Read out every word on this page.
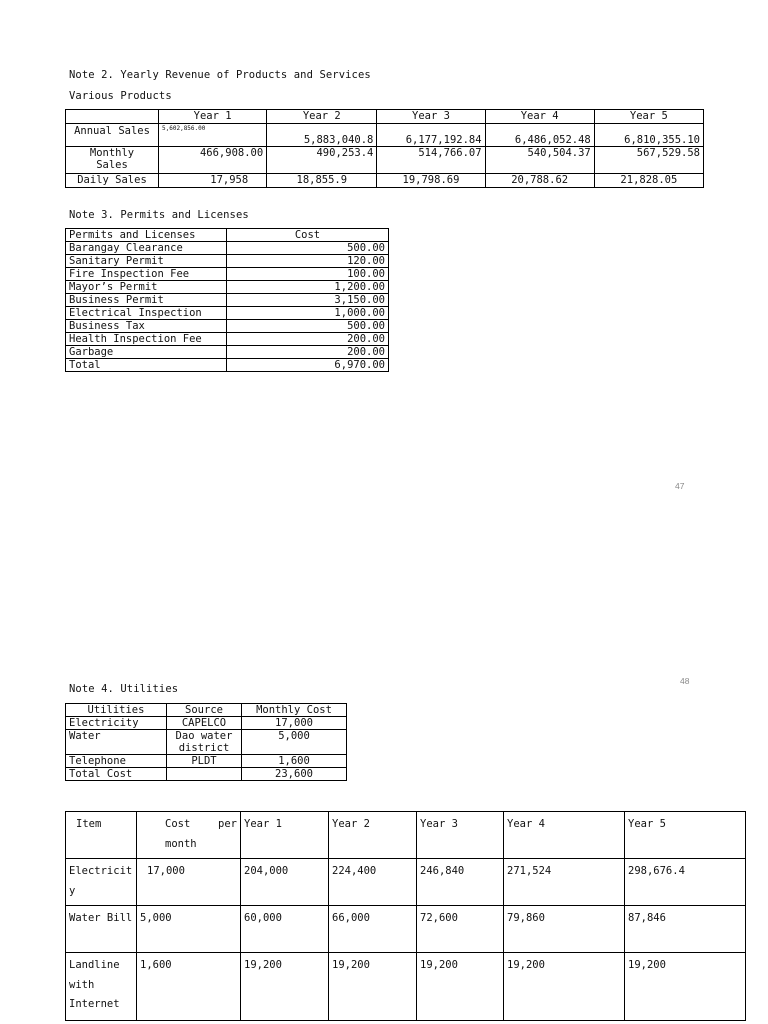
Note 2. Yearly Revenue of Products and Services
Various Products
	Year 1	Year 2	Year 3	Year 4	Year 5
Annual Sales	5,602,856.00	5,883,040.8	6,177,192.84	6,486,052.48	6,810,355.10
Monthly Sales	466,908.00	490,253.4	514,766.07	540,504.37	567,529.58
Daily Sales	17,958	18,855.9	19,798.69	20,788.62	21,828.05
Note 3. Permits and Licenses
Permits and Licenses	Cost
Barangay Clearance	500.00
Sanitary Permit	120.00
Fire Inspection Fee	100.00
Mayor’s Permit	1,200.00
Business Permit	3,150.00
Electrical Inspection	1,000.00
Business Tax	500.00
Health Inspection Fee	200.00
Garbage	200.00
Total	6,970.00
47
48
Note 4. Utilities
Utilities	Source	Monthly Cost
Electricity	CAPELCO	17,000
Water	Dao water district	5,000
Telephone	PLDT	1,600
Total Cost		23,600
Item	Cost per month	Year 1	Year 2	Year 3	Year 4	Year 5
Electricity	17,000	204,000	224,400	246,840	271,524	298,676.4
Water Bill	5,000	60,000	66,000	72,600	79,860	87,846
Landline with Internet	1,600	19,200	19,200	19,200	19,200	19,200
